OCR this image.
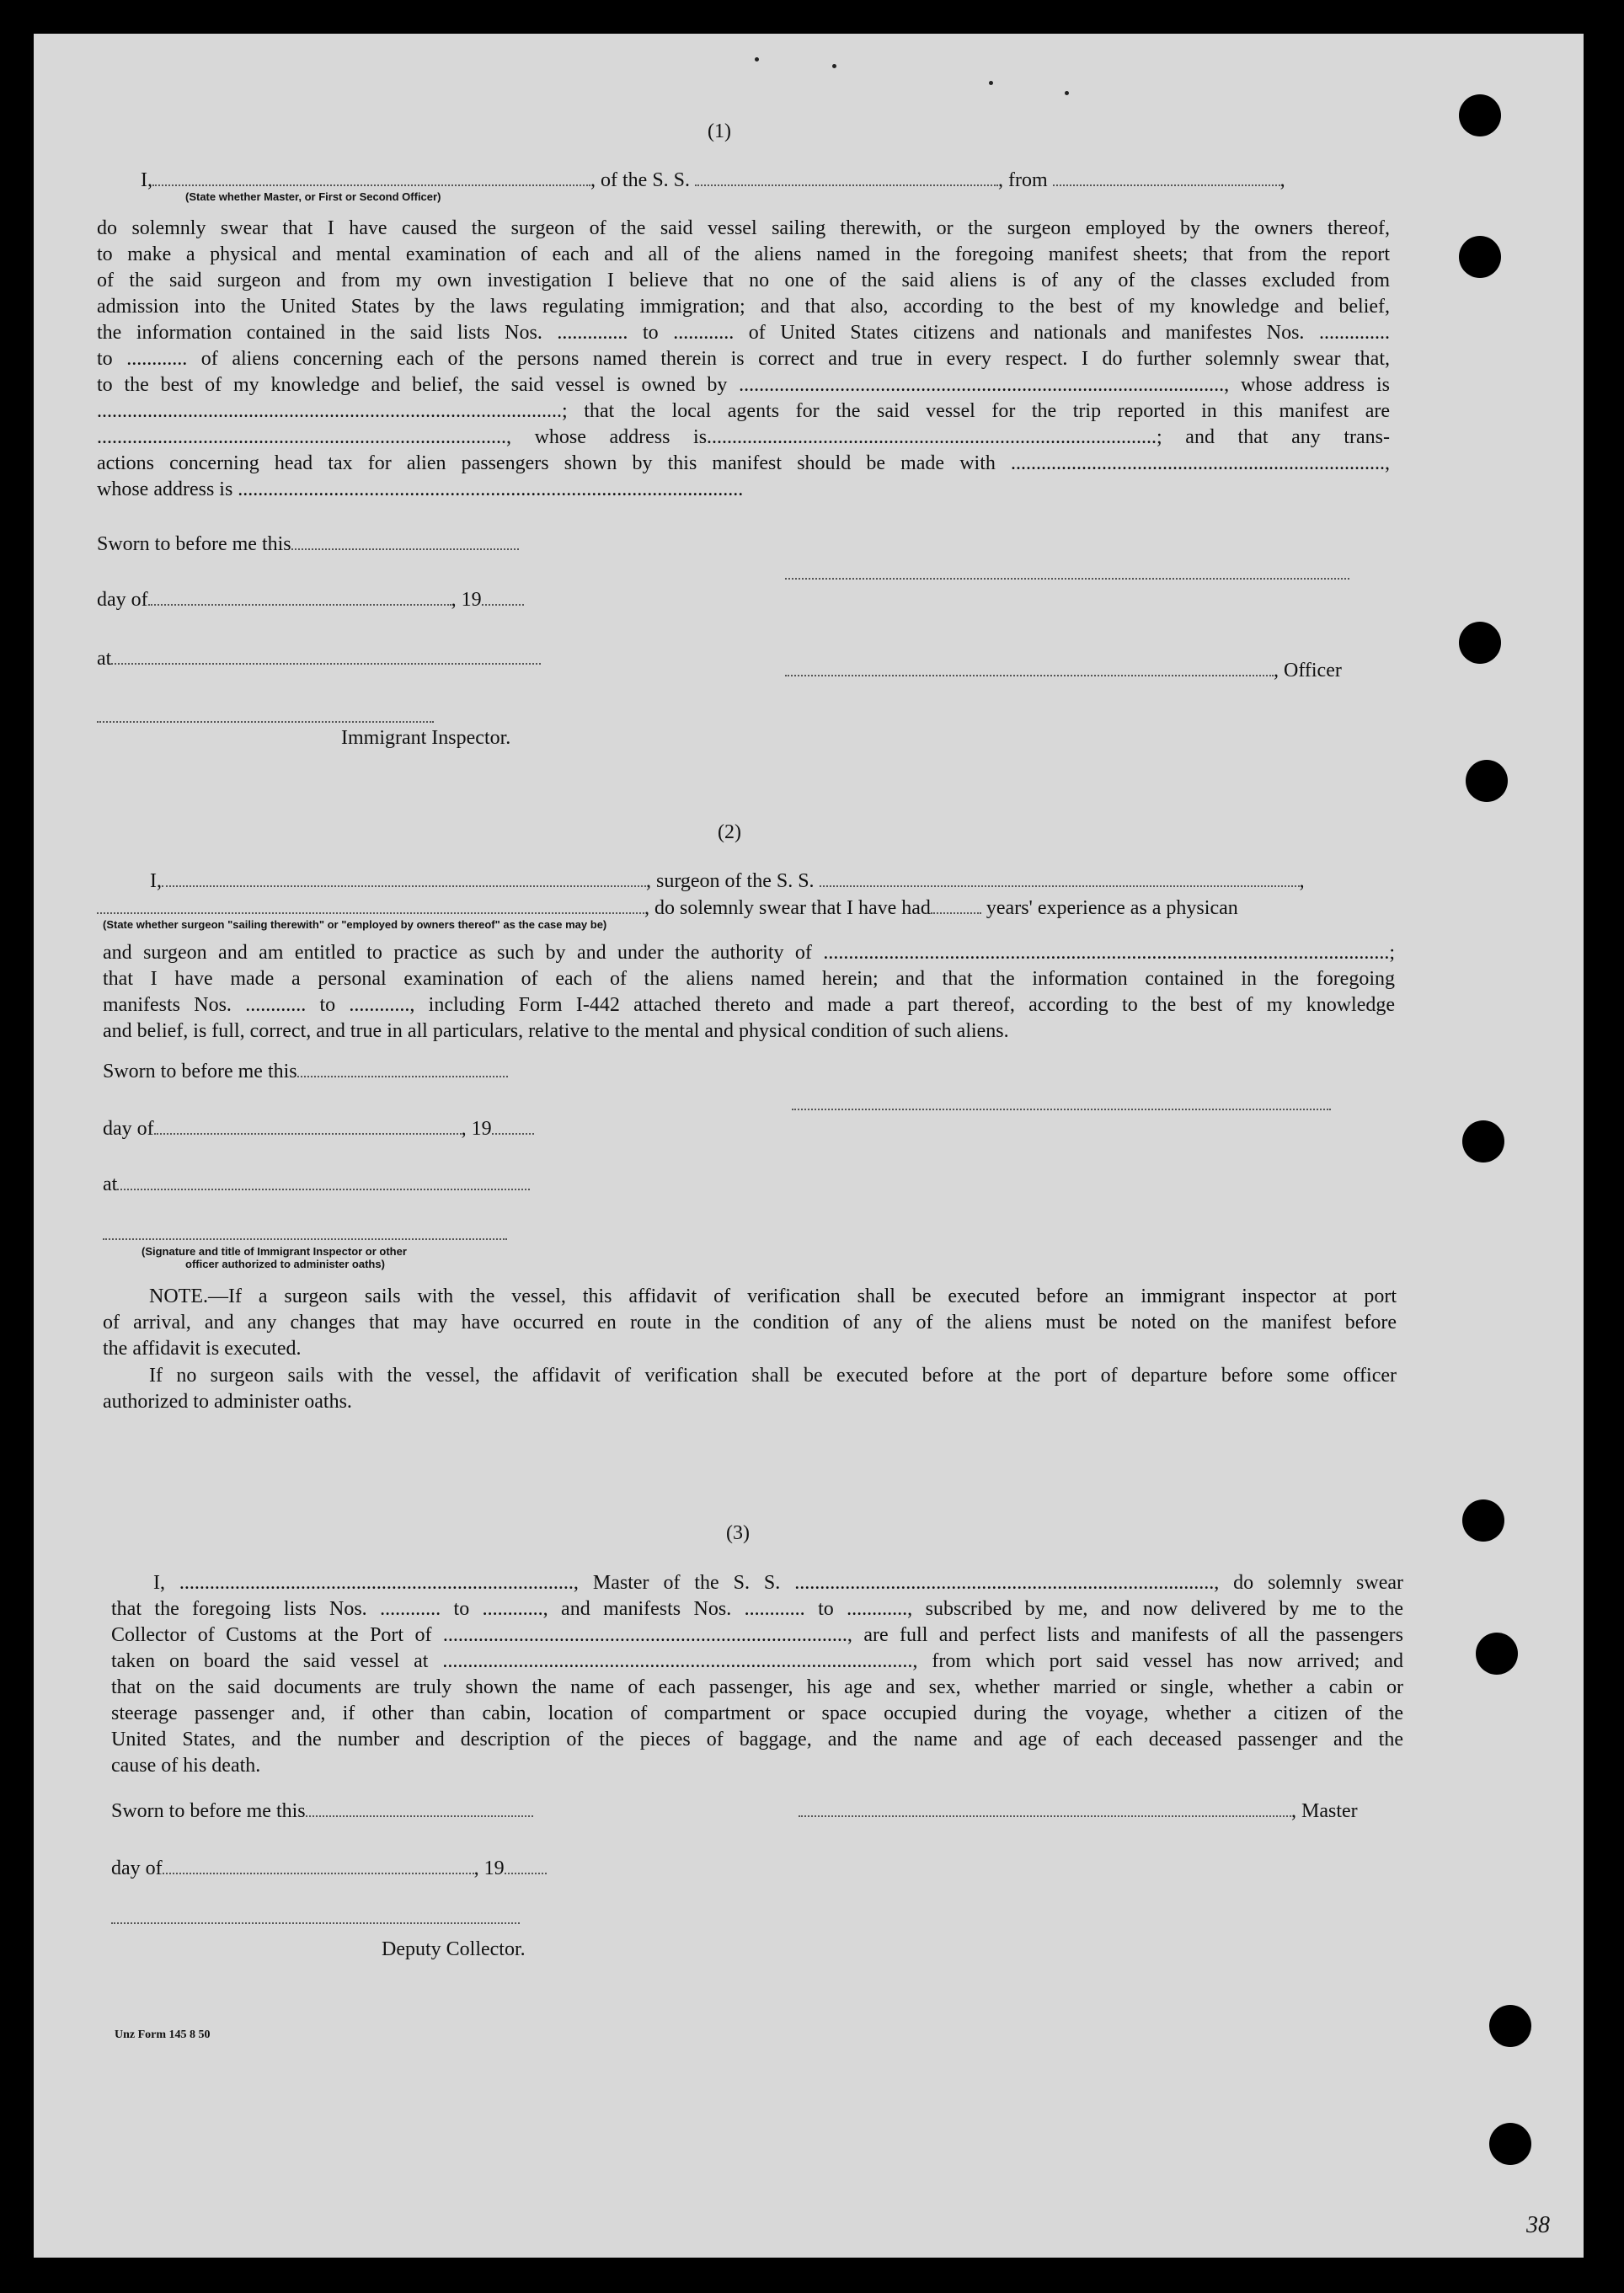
(1)
I,	, of the S. S.	, from	,
(State whether Master, or First or Second Officer)
do solemnly swear that I have caused the surgeon of the said vessel sailing therewith, or the surgeon employed by the owners thereof,
to make a physical and mental examination of each and all of the aliens named in the foregoing manifest sheets; that from the report
of the said surgeon and from my own investigation I believe that no one of the said aliens is of any of the classes excluded from
admission into the United States by the laws regulating immigration; and that also, according to the best of my knowledge and belief,
the information contained in the said lists Nos. .............. to ............ of United States citizens and nationals and manifestes Nos. ..............
to ............ of aliens concerning each of the persons named therein is correct and true in every respect. I do further solemnly swear that,
to the best of my knowledge and belief, the said vessel is owned by ................................................................................................, whose address is
............................................................................................; that the local agents for the said vessel for the trip reported in this manifest are
................................................................................., whose address is.........................................................................................; and that any trans-
actions concerning head tax for alien passengers shown by this manifest should be made with ..........................................................................,
whose address is ....................................................................................................
Sworn to before me this
day of	, 19
at
, Officer
Immigrant Inspector.
(2)
I,	, surgeon of the S. S.	,
, do solemnly swear that I have had	years' experience as a physican
(State whether surgeon "sailing therewith" or "employed by owners thereof" as the case may be)
and surgeon and am entitled to practice as such by and under the authority of ................................................................................................................;
that I have made a personal examination of each of the aliens named herein; and that the information contained in the foregoing
manifests Nos. ............ to ............, including Form I-442 attached thereto and made a part thereof, according to the best of my knowledge
and belief, is full, correct, and true in all particulars, relative to the mental and physical condition of such aliens.
Sworn to before me this
day of	, 19
at
(Signature and title of Immigrant Inspector or other
officer authorized to administer oaths)
NOTE.—If a surgeon sails with the vessel, this affidavit of verification shall be executed before an immigrant inspector at port
of arrival, and any changes that may have occurred en route in the condition of any of the aliens must be noted on the manifest before
the affidavit is executed.
If no surgeon sails with the vessel, the affidavit of verification shall be executed before at the port of departure before some officer
authorized to administer oaths.
(3)
I, .............................................................................., Master of the S. S. ..................................................................................., do solemnly swear
that the foregoing lists Nos. ............ to ............, and manifests Nos. ............ to ............, subscribed by me, and now delivered by me to the
Collector of Customs at the Port of ................................................................................, are full and perfect lists and manifests of all the passengers
taken on board the said vessel at ............................................................................................., from which port said vessel has now arrived; and
that on the said documents are truly shown the name of each passenger, his age and sex, whether married or single, whether a cabin or
steerage passenger and, if other than cabin, location of compartment or space occupied during the voyage, whether a citizen of the
United States, and the number and description of the pieces of baggage, and the name and age of each deceased passenger and the
cause of his death.
Sworn to before me this	, Master
day of	, 19
Deputy Collector.
Unz Form 145 8 50
38
